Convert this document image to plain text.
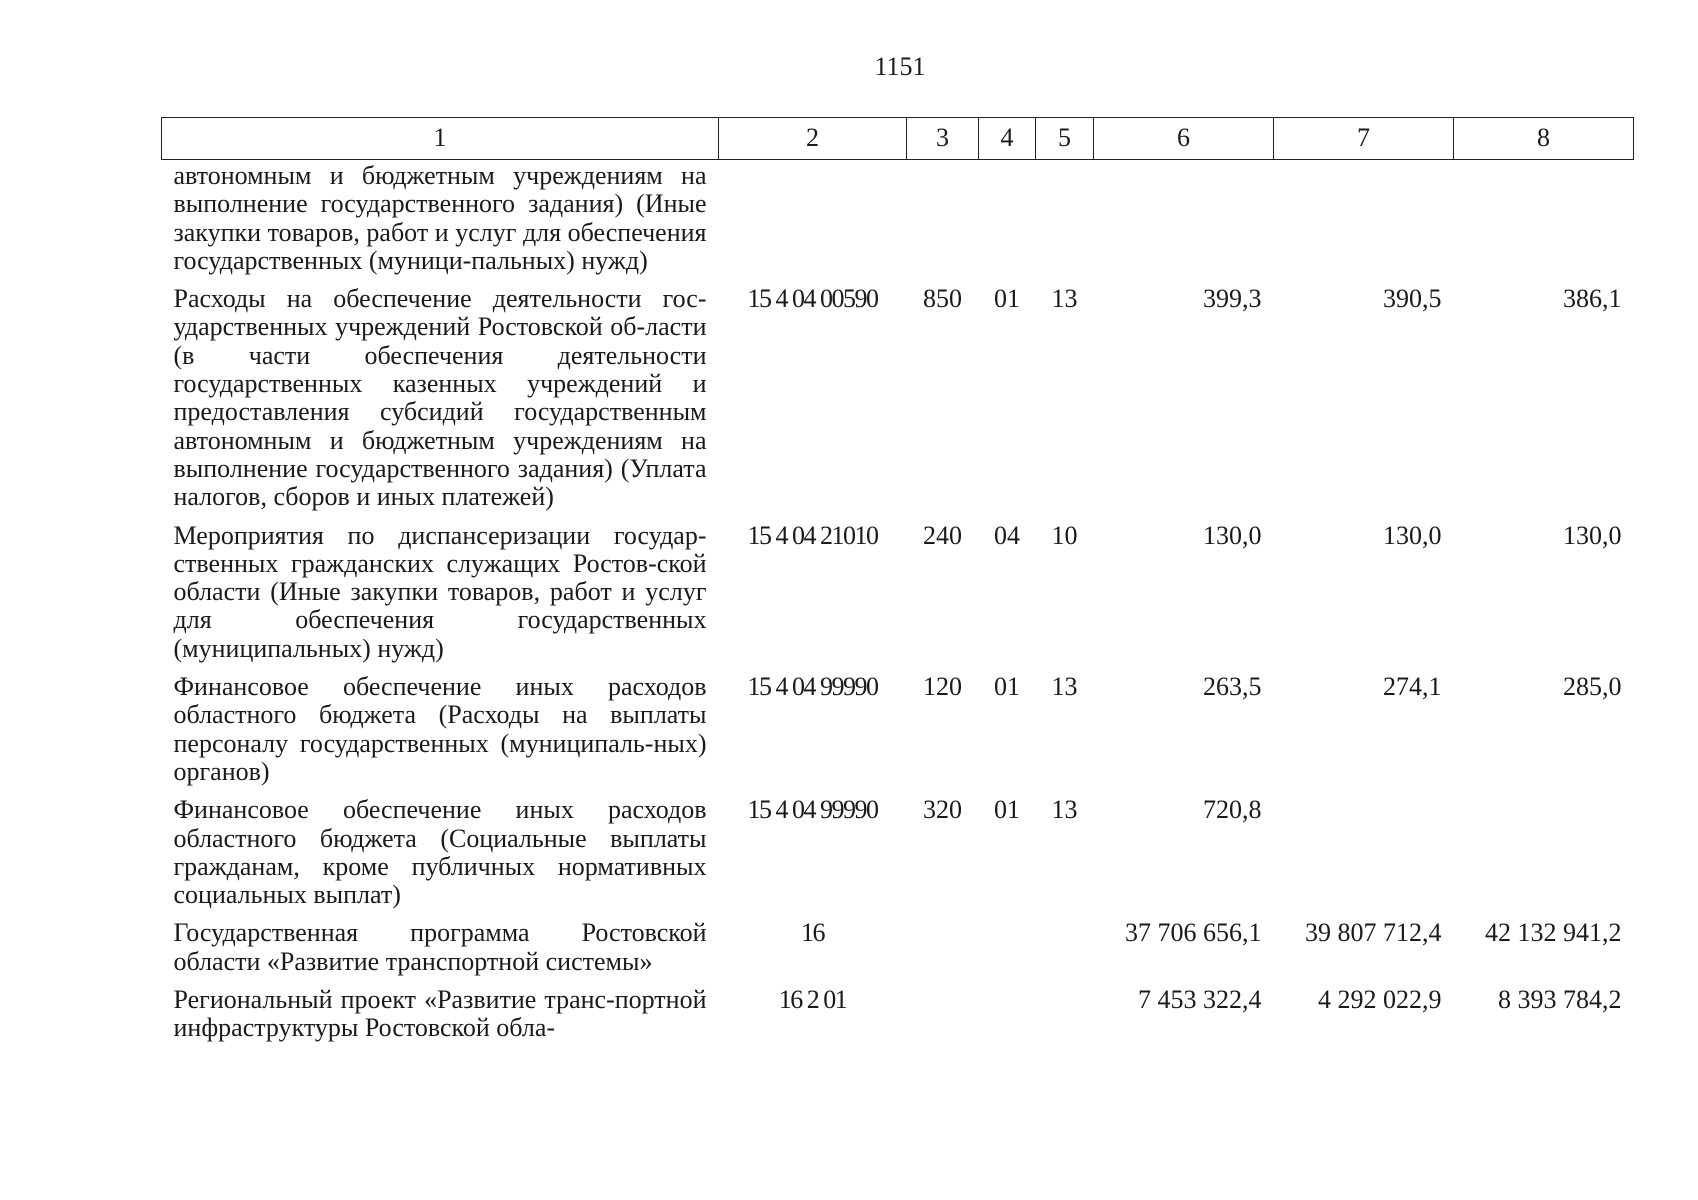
1151
1	2	3	4	5	6	7	8
автономным и бюджетным учреждениям на выполнение государственного задания) (Иные закупки товаров, работ и услуг для обеспечения государственных (муници-пальных) нужд)							
Расходы на обеспечение деятельности гос-ударственных учреждений Ростовской об-ласти (в части обеспечения деятельности государственных казенных учреждений и предоставления субсидий государственным автономным и бюджетным учреждениям на выполнение государственного задания) (Уплата налогов, сборов и иных платежей)	15 4 04 00590	850	01	13	399,3	390,5	386,1
Мероприятия по диспансеризации государ-ственных гражданских служащих Ростов-ской области (Иные закупки товаров, работ и услуг для обеспечения государственных (муниципальных) нужд)	15 4 04 21010	240	04	10	130,0	130,0	130,0
Финансовое обеспечение иных расходов областного бюджета (Расходы на выплаты персоналу государственных (муниципаль-ных) органов)	15 4 04 99990	120	01	13	263,5	274,1	285,0
Финансовое обеспечение иных расходов областного бюджета (Социальные выплаты гражданам, кроме публичных нормативных социальных выплат)	15 4 04 99990	320	01	13	720,8		
Государственная программа Ростовской области «Развитие транспортной системы»	16				37 706 656,1	39 807 712,4	42 132 941,2
Региональный проект «Развитие транс-портной инфраструктуры Ростовской обла-	16 2 01				7 453 322,4	4 292 022,9	8 393 784,2
